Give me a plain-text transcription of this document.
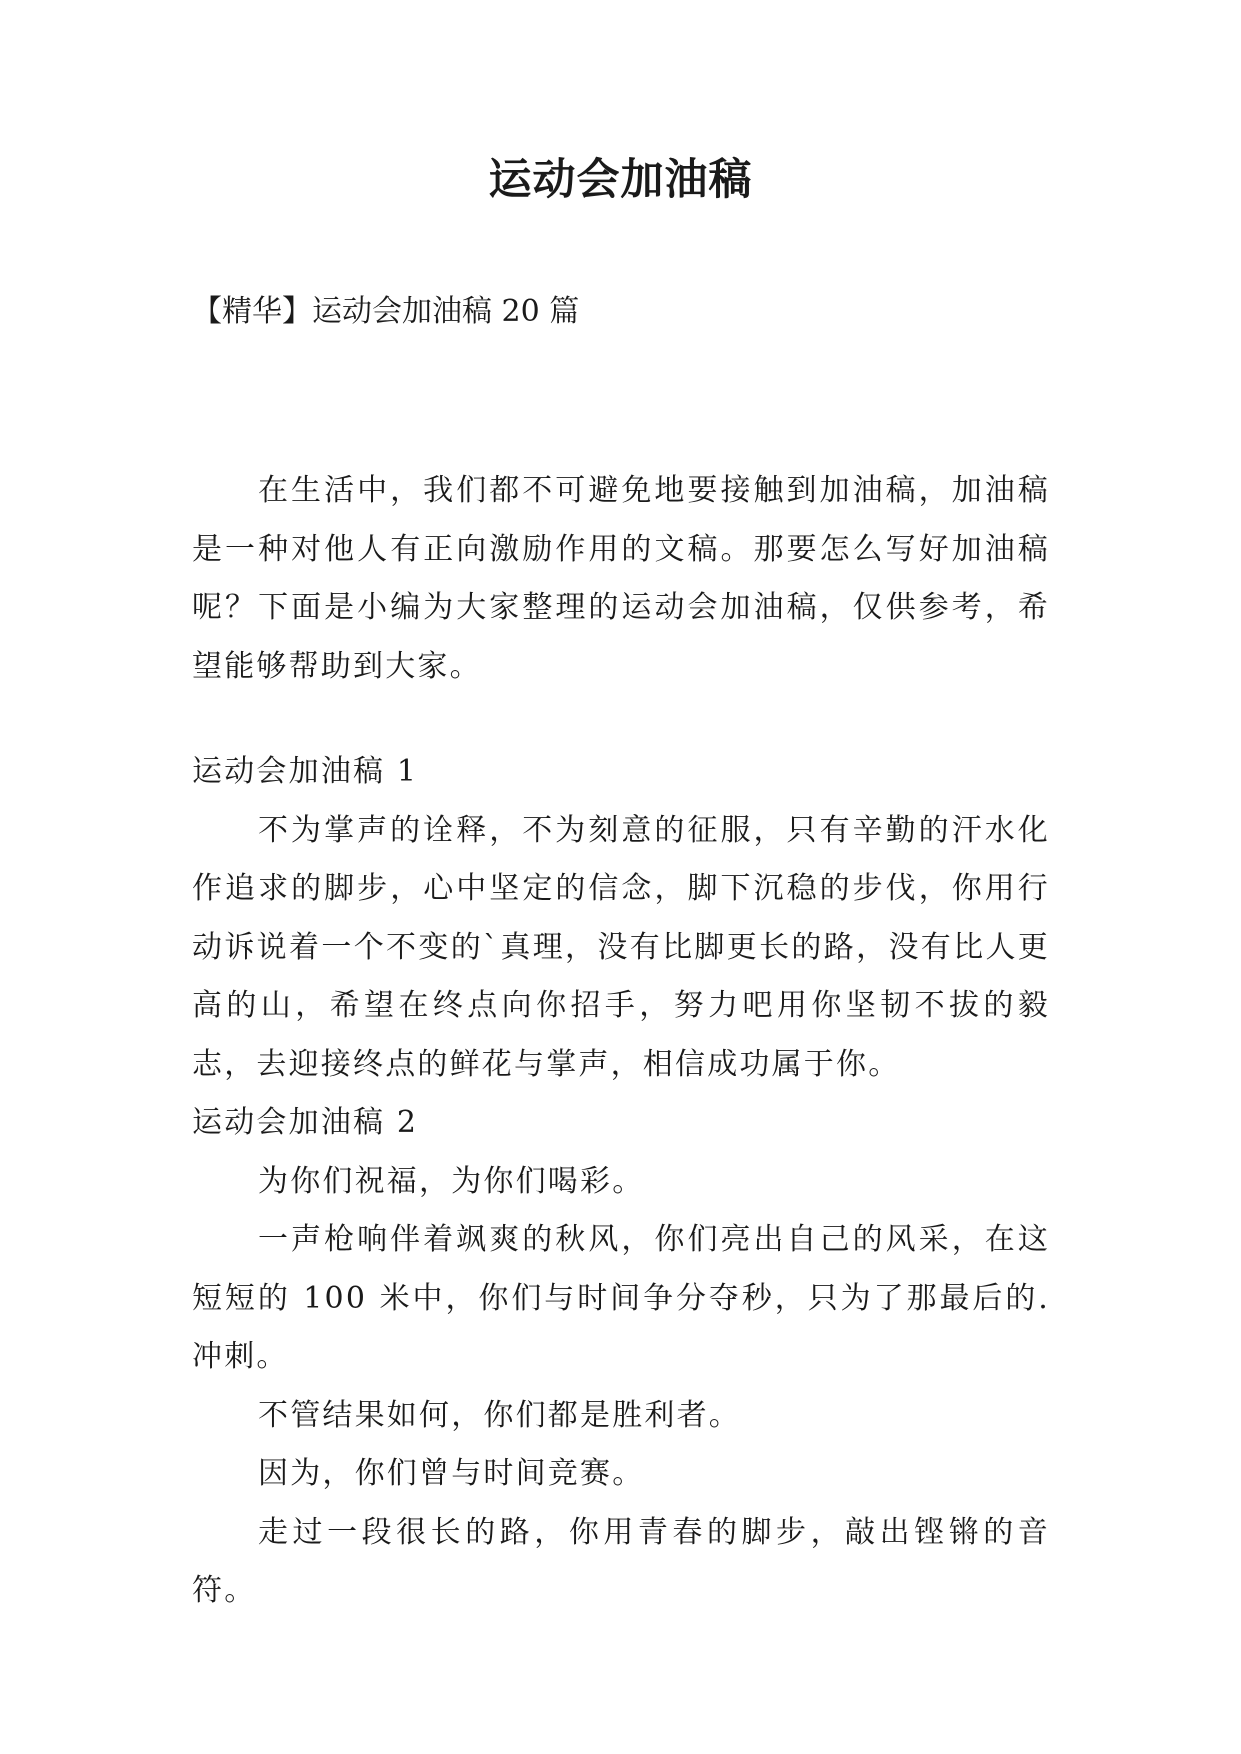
运动会加油稿
【精华】运动会加油稿 20 篇

在生活中，我们都不可避免地要接触到加油稿，加油稿是一种对他人有正向激励作用的文稿。那要怎么写好加油稿呢？下面是小编为大家整理的运动会加油稿，仅供参考，希望能够帮助到大家。

运动会加油稿 1

不为掌声的诠释，不为刻意的征服，只有辛勤的汗水化作追求的脚步，心中坚定的信念，脚下沉稳的步伐，你用行动诉说着一个不变的`真理，没有比脚更长的路，没有比人更高的山，希望在终点向你招手，努力吧用你坚韧不拔的毅志，去迎接终点的鲜花与掌声，相信成功属于你。

运动会加油稿 2

为你们祝福，为你们喝彩。

一声枪响伴着飒爽的秋风，你们亮出自己的风采，在这短短的 100 米中，你们与时间争分夺秒，只为了那最后的.冲刺。

不管结果如何，你们都是胜利者。

因为，你们曾与时间竞赛。

走过一段很长的路，你用青春的脚步，敲出铿锵的音符。
